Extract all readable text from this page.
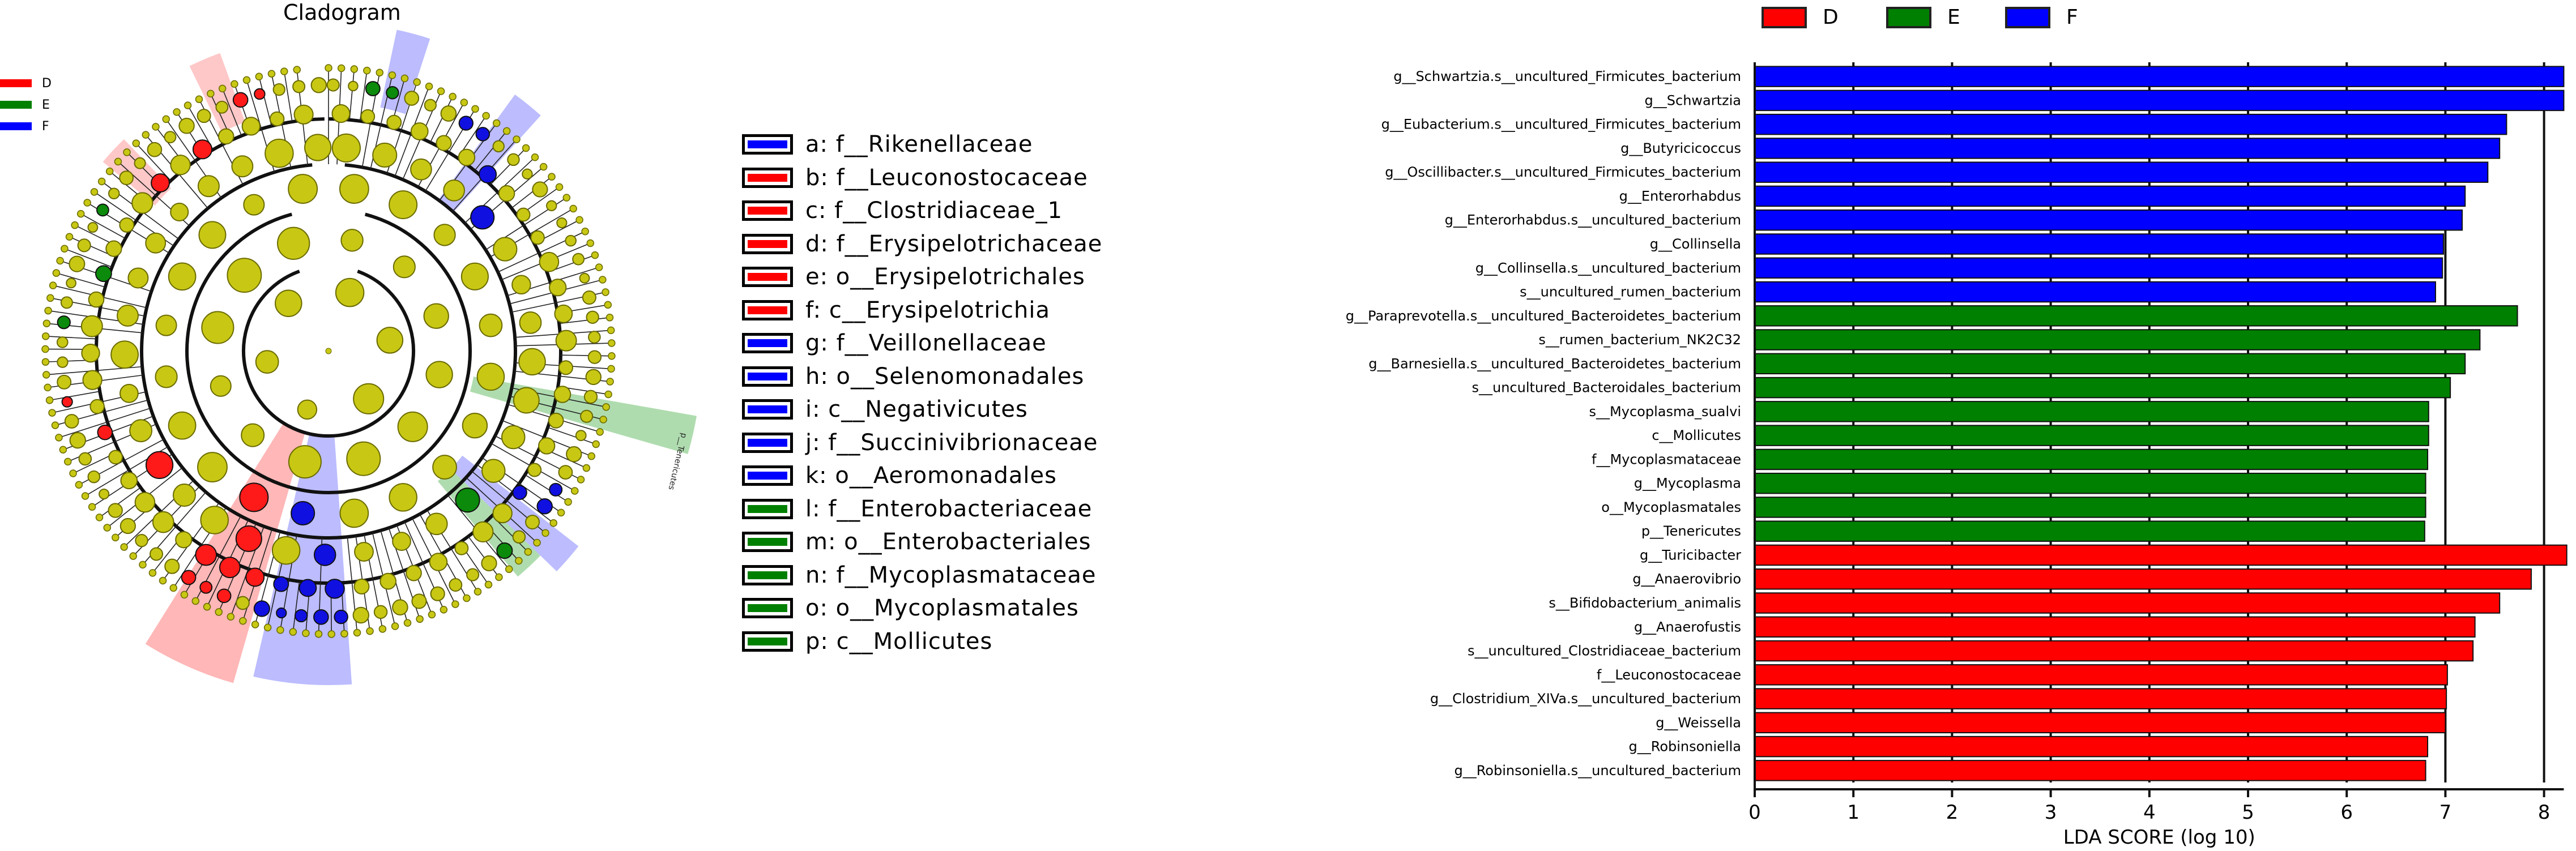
Cladogram
D
E
F
p__Tenericutes
a: f__Rikenellaceae
b: f__Leuconostocaceae
c: f__Clostridiaceae_1
d: f__Erysipelotrichaceae
e: o__Erysipelotrichales
f: c__Erysipelotrichia
g: f__Veillonellaceae
h: o__Selenomonadales
i: c__Negativicutes
j: f__Succinivibrionaceae
k: o__Aeromonadales
l: f__Enterobacteriaceae
m: o__Enterobacteriales
n: f__Mycoplasmataceae
o: o__Mycoplasmatales
p: c__Mollicutes
D	E	F
g__Schwartzia.s__uncultured_Firmicutes_bacterium
g__Schwartzia
g__Eubacterium.s__uncultured_Firmicutes_bacterium
g__Butyricicoccus
g__Oscillibacter.s__uncultured_Firmicutes_bacterium
g__Enterorhabdus
g__Enterorhabdus.s__uncultured_bacterium
g__Collinsella
g__Collinsella.s__uncultured_bacterium
s__uncultured_rumen_bacterium
g__Paraprevotella.s__uncultured_Bacteroidetes_bacterium
s__rumen_bacterium_NK2C32
g__Barnesiella.s__uncultured_Bacteroidetes_bacterium
s__uncultured_Bacteroidales_bacterium
s__Mycoplasma_sualvi
c__Mollicutes
f__Mycoplasmataceae
g__Mycoplasma
o__Mycoplasmatales
p__Tenericutes
g__Turicibacter
g__Anaerovibrio
s__Bifidobacterium_animalis
g__Anaerofustis
s__uncultured_Clostridiaceae_bacterium
f__Leuconostocaceae
g__Clostridium_XIVa.s__uncultured_bacterium
g__Weissella
g__Robinsoniella
g__Robinsoniella.s__uncultured_bacterium
0	1	2	3	4	5	6	7	8
LDA SCORE (log 10)
